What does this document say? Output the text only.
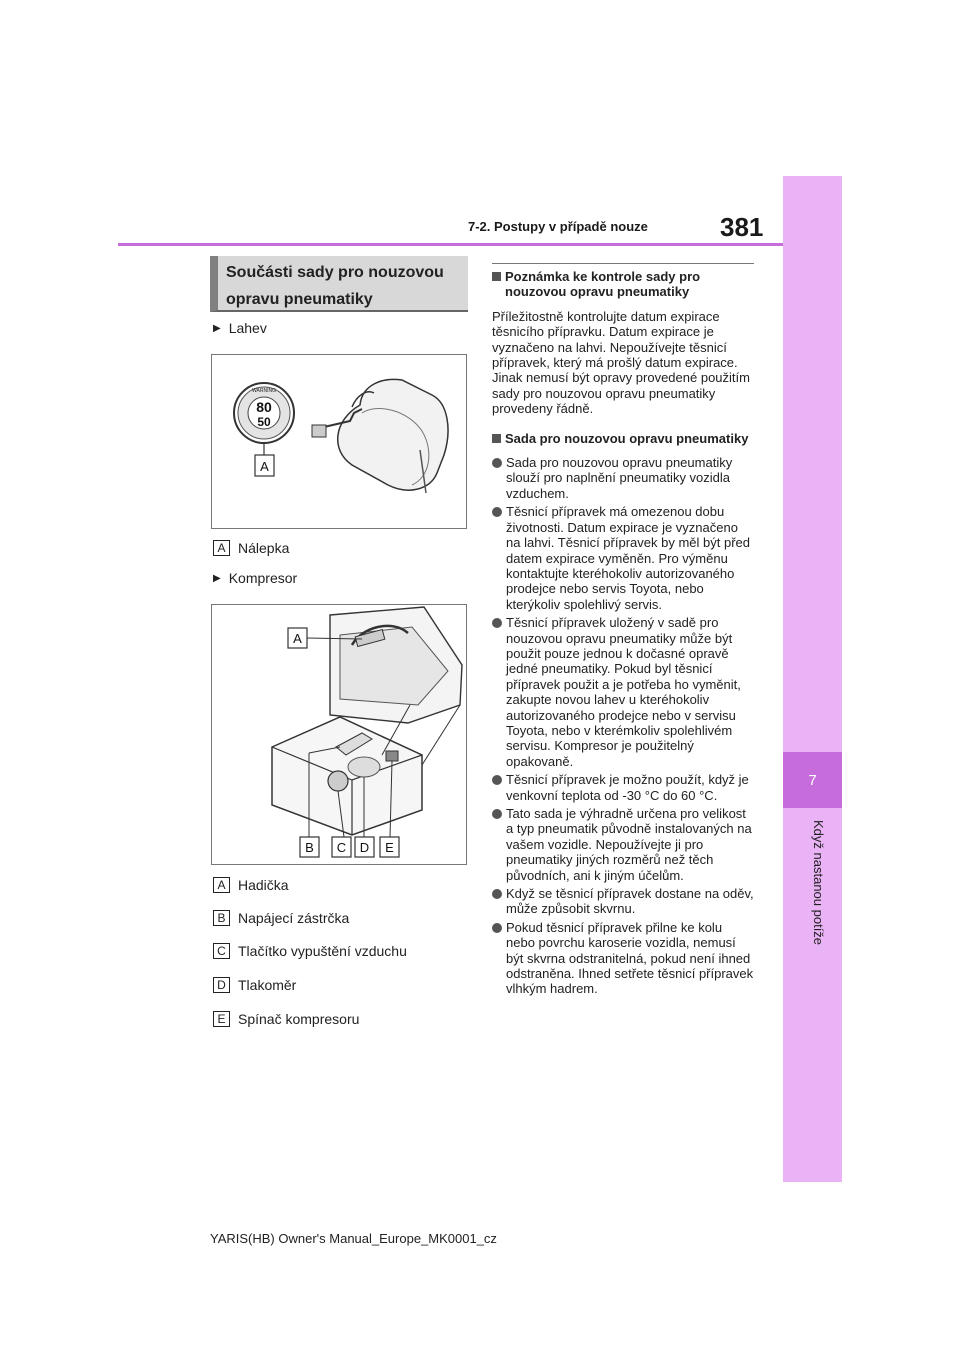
7
Když nastanou potíže
7-2. Postupy v případě nouze	381
Součásti sady pro nouzovou opravu pneumatiky
▶ Lahev
WARNING
80
50
A
A Nálepka
▶ Kompresor
A
B C D E
A Hadička
B Napájecí zástrčka
C Tlačítko vypuštění vzduchu
D Tlakoměr
E Spínač kompresoru
Poznámka ke kontrole sady pro nouzovou opravu pneumatiky

Příležitostně kontrolujte datum expirace těsnicího přípravku. Datum expirace je vyznačeno na lahvi. Nepoužívejte těsnicí přípravek, který má prošlý datum expirace. Jinak nemusí být opravy provedené použitím sady pro nouzovou opravu pneumatiky provedeny řádně.

Sada pro nouzovou opravu pneumatiky
Sada pro nouzovou opravu pneumatiky slouží pro naplnění pneumatiky vozidla vzduchem.
Těsnicí přípravek má omezenou dobu životnosti. Datum expirace je vyznačeno na lahvi. Těsnicí přípravek by měl být před datem expirace vyměněn. Pro výměnu kontaktujte kteréhokoliv autorizovaného prodejce nebo servis Toyota, nebo kterýkoliv spolehlivý servis.
Těsnicí přípravek uložený v sadě pro nouzovou opravu pneumatiky může být použit pouze jednou k dočasné opravě jedné pneumatiky. Pokud byl těsnicí přípravek použit a je potřeba ho vyměnit, zakupte novou lahev u kteréhokoliv autorizovaného prodejce nebo v servisu Toyota, nebo v kterémkoliv spolehlivém servisu. Kompresor je použitelný opakovaně.
Těsnicí přípravek je možno použít, když je venkovní teplota od -30 °C do 60 °C.
Tato sada je výhradně určena pro velikost a typ pneumatik původně instalovaných na vašem vozidle. Nepoužívejte ji pro pneumatiky jiných rozměrů než těch původních, ani k jiným účelům.
Když se těsnicí přípravek dostane na oděv, může způsobit skvrnu.
Pokud těsnicí přípravek přilne ke kolu nebo povrchu karoserie vozidla, nemusí být skvrna odstranitelná, pokud není ihned odstraněna. Ihned setřete těsnicí přípravek vlhkým hadrem.
YARIS(HB) Owner's Manual_Europe_MK0001_cz
